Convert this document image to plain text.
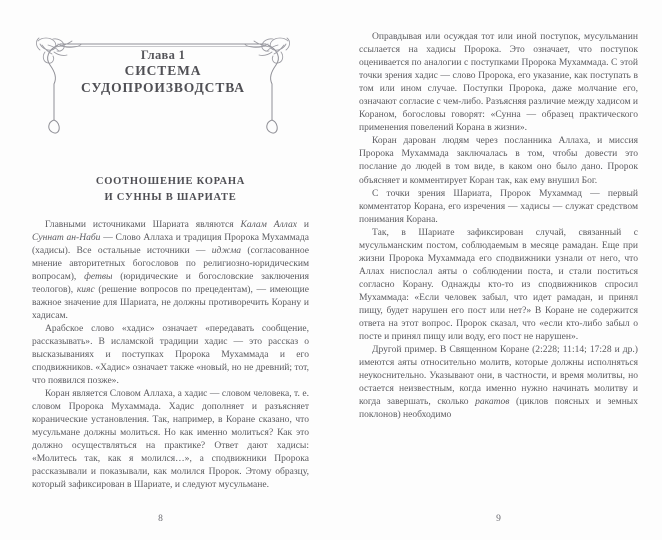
Глава 1
СИСТЕМА
СУДОПРОИЗВОДСТВА
СООТНОШЕНИЕ КОРАНА
И СУННЫ В ШАРИАТЕ

Главными источниками Шариата являются Калам Аллах и Суннат ан-Наби — Слово Аллаха и традиция Пророка Мухаммада (хадисы). Все остальные источники — иджма (согласованное мнение авторитетных богословов по религиозно-юридическим вопросам), фетвы (юридические и богословские заключения теологов), кияс (решение вопросов по прецедентам), — имеющие важное значение для Шариата, не должны противоречить Корану и хадисам.

Арабское слово «хадис» означает «передавать сообщение, рассказывать». В исламской традиции хадис — это рассказ о высказываниях и поступках Пророка Мухаммада и его сподвижников. «Хадис» означает также «новый, но не древний; тот, что появился позже».

Коран является Словом Аллаха, а хадис — словом человека, т. е. словом Пророка Мухаммада. Хадис дополняет и разъясняет коранические установления. Так, например, в Коране сказано, что мусульмане должны молиться. Но как именно молиться? Как это должно осуществляться на практике? Ответ дают хадисы: «Молитесь так, как я молился…», а сподвижники Пророка рассказывали и показывали, как молился Пророк. Этому образцу, который зафиксирован в Шариате, и следуют мусульмане.

8

Оправдывая или осуждая тот или иной поступок, мусульманин ссылается на хадисы Пророка. Это означает, что поступок оценивается по аналогии с поступками Пророка Мухаммада. С этой точки зрения хадис — слово Пророка, его указание, как поступать в том или ином случае. Поступки Пророка, даже молчание его, означают согласие с чем-либо. Разъясняя различие между хадисом и Кораном, богословы говорят: «Сунна — образец практического применения повелений Корана в жизни».

Коран дарован людям через посланника Аллаха, и миссия Пророка Мухаммада заключалась в том, чтобы довести это послание до людей в том виде, в каком оно было дано. Пророк объясняет и комментирует Коран так, как ему внушил Бог.

С точки зрения Шариата, Пророк Мухаммад — первый комментатор Корана, его изречения — хадисы — служат средством понимания Корана.

Так, в Шариате зафиксирован случай, связанный с мусульманским постом, соблюдаемым в месяце рамадан. Еще при жизни Пророка Мухаммада его сподвижники узнали от него, что Аллах ниспослал аяты о соблюдении поста, и стали поститься согласно Корану. Однажды кто-то из сподвижников спросил Мухаммада: «Если человек забыл, что идет рамадан, и принял пищу, будет нарушен его пост или нет?» В Коране не содержится ответа на этот вопрос. Пророк сказал, что «если кто-либо забыл о посте и принял пищу или воду, его пост не нарушен».

Другой пример. В Священном Коране (2:228; 11:14; 17:28 и др.) имеются аяты относительно молитв, которые должны исполняться неукоснительно. Указывают они, в частности, и время молитвы, но остается неизвестным, когда именно нужно начинать молитву и когда завершать, сколько ракатов (циклов поясных и земных поклонов) необходимо

9
